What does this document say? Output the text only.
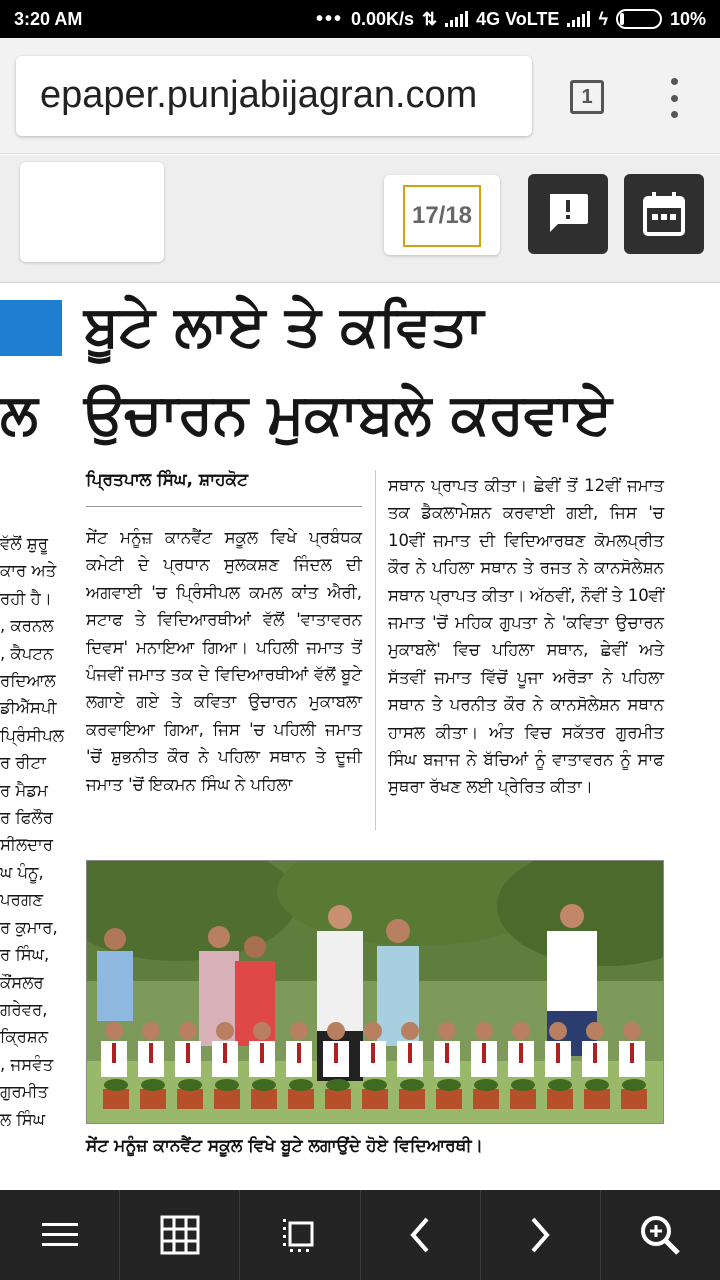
3:20 AM	••• 0.00K/s ⇅ 4G VoLTE ϟ	10%
epaper.punjabijagran.com	1
17/18
ਬੂਟੇ ਲਾਏ ਤੇ ਕਵਿਤਾ
ਲ ਉਚਾਰਨ ਮੁਕਾਬਲੇ ਕਰਵਾਏ
ਪ੍ਰਿਤਪਾਲ ਸਿੰਘ, ਸ਼ਾਹਕੋਟ
ਵੱਲੋਂ ਸ਼ੁਰੂ
ਕਾਰ ਅਤੇ
ਰਹੀ ਹੈ।
, ਕਰਨਲ
, ਕੈਪਟਨ
ਰਦਿਆਲ
ਡੀਐੱਸਪੀ
ਪ੍ਰਿੰਸੀਪਲ
ਰ ਰੀਟਾ
ਰ ਮੈਡਮ
ਰ ਫਿਲੌਰ
ਸੀਲਦਾਰ
ਘ ਪੰਨੂ,
ਪਰਗਣ
ਰ ਕੁਮਾਰ,
ਰ ਸਿੰਘ,
ਕੌਂਸਲਰ
ਗਰੇਵਰ,
ਕ੍ਰਿਸ਼ਨ
, ਜਸਵੰਤ
ਗੁਰਮੀਤ
ਲ ਸਿੰਘ
ਸੇਂਟ ਮਨੂੰਜ਼ ਕਾਨਵੈਂਟ ਸਕੂਲ ਵਿਖੇ ਪ੍ਰਬੰਧਕ ਕਮੇਟੀ ਦੇ ਪ੍ਰਧਾਨ ਸੁਲਕਸ਼ਣ ਜਿੰਦਲ ਦੀ ਅਗਵਾਈ 'ਚ ਪ੍ਰਿੰਸੀਪਲ ਕਮਲ ਕਾਂਤ ਐਰੀ, ਸਟਾਫ ਤੇ ਵਿਦਿਆਰਥੀਆਂ ਵੱਲੋਂ 'ਵਾਤਾਵਰਨ ਦਿਵਸ' ਮਨਾਇਆ ਗਿਆ। ਪਹਿਲੀ ਜਮਾਤ ਤੋਂ ਪੰਜਵੀਂ ਜਮਾਤ ਤਕ ਦੇ ਵਿਦਿਆਰਥੀਆਂ ਵੱਲੋਂ ਬੂਟੇ ਲਗਾਏ ਗਏ ਤੇ ਕਵਿਤਾ ਉਚਾਰਨ ਮੁਕਾਬਲਾ ਕਰਵਾਇਆ ਗਿਆ, ਜਿਸ 'ਚ ਪਹਿਲੀ ਜਮਾਤ 'ਚੋਂ ਸ਼ੁਭਨੀਤ ਕੌਰ ਨੇ ਪਹਿਲਾ ਸਥਾਨ ਤੇ ਦੂਜੀ ਜਮਾਤ 'ਚੋਂ ਇਕਮਨ ਸਿੰਘ ਨੇ ਪਹਿਲਾ
ਸਥਾਨ ਪ੍ਰਾਪਤ ਕੀਤਾ। ਛੇਵੀਂ ਤੋਂ 12ਵੀਂ ਜਮਾਤ ਤਕ ਡੈਕਲਾਮੇਸ਼ਨ ਕਰਵਾਈ ਗਈ, ਜਿਸ 'ਚ 10ਵੀਂ ਜਮਾਤ ਦੀ ਵਿਦਿਆਰਥਣ ਕੋਮਲਪ੍ਰੀਤ ਕੌਰ ਨੇ ਪਹਿਲਾ ਸਥਾਨ ਤੇ ਰਜਤ ਨੇ ਕਾਨਸੋਲੇਸ਼ਨ ਸਥਾਨ ਪ੍ਰਾਪਤ ਕੀਤਾ। ਅੱਠਵੀਂ, ਨੌਵੀਂ ਤੇ 10ਵੀਂ ਜਮਾਤ 'ਚੋਂ ਮਹਿਕ ਗੁਪਤਾ ਨੇ 'ਕਵਿਤਾ ਉਚਾਰਨ ਮੁਕਾਬਲੇ' ਵਿਚ ਪਹਿਲਾ ਸਥਾਨ, ਛੇਵੀਂ ਅਤੇ ਸੱਤਵੀਂ ਜਮਾਤ ਵਿੱਚੋਂ ਪੂਜਾ ਅਰੋੜਾ ਨੇ ਪਹਿਲਾ ਸਥਾਨ ਤੇ ਪਰਨੀਤ ਕੌਰ ਨੇ ਕਾਨਸੋਲੇਸ਼ਨ ਸਥਾਨ ਹਾਸਲ ਕੀਤਾ। ਅੰਤ ਵਿਚ ਸਕੱਤਰ ਗੁਰਮੀਤ ਸਿੰਘ ਬਜਾਜ ਨੇ ਬੱਚਿਆਂ ਨੂੰ ਵਾਤਾਵਰਨ ਨੂੰ ਸਾਫ ਸੁਥਰਾ ਰੱਖਣ ਲਈ ਪ੍ਰੇਰਿਤ ਕੀਤਾ।
ਸੇਂਟ ਮਨੂੰਜ਼ ਕਾਨਵੈਂਟ ਸਕੂਲ ਵਿਖੇ ਬੂਟੇ ਲਗਾਉਂਦੇ ਹੋਏ ਵਿਦਿਆਰਥੀ।
